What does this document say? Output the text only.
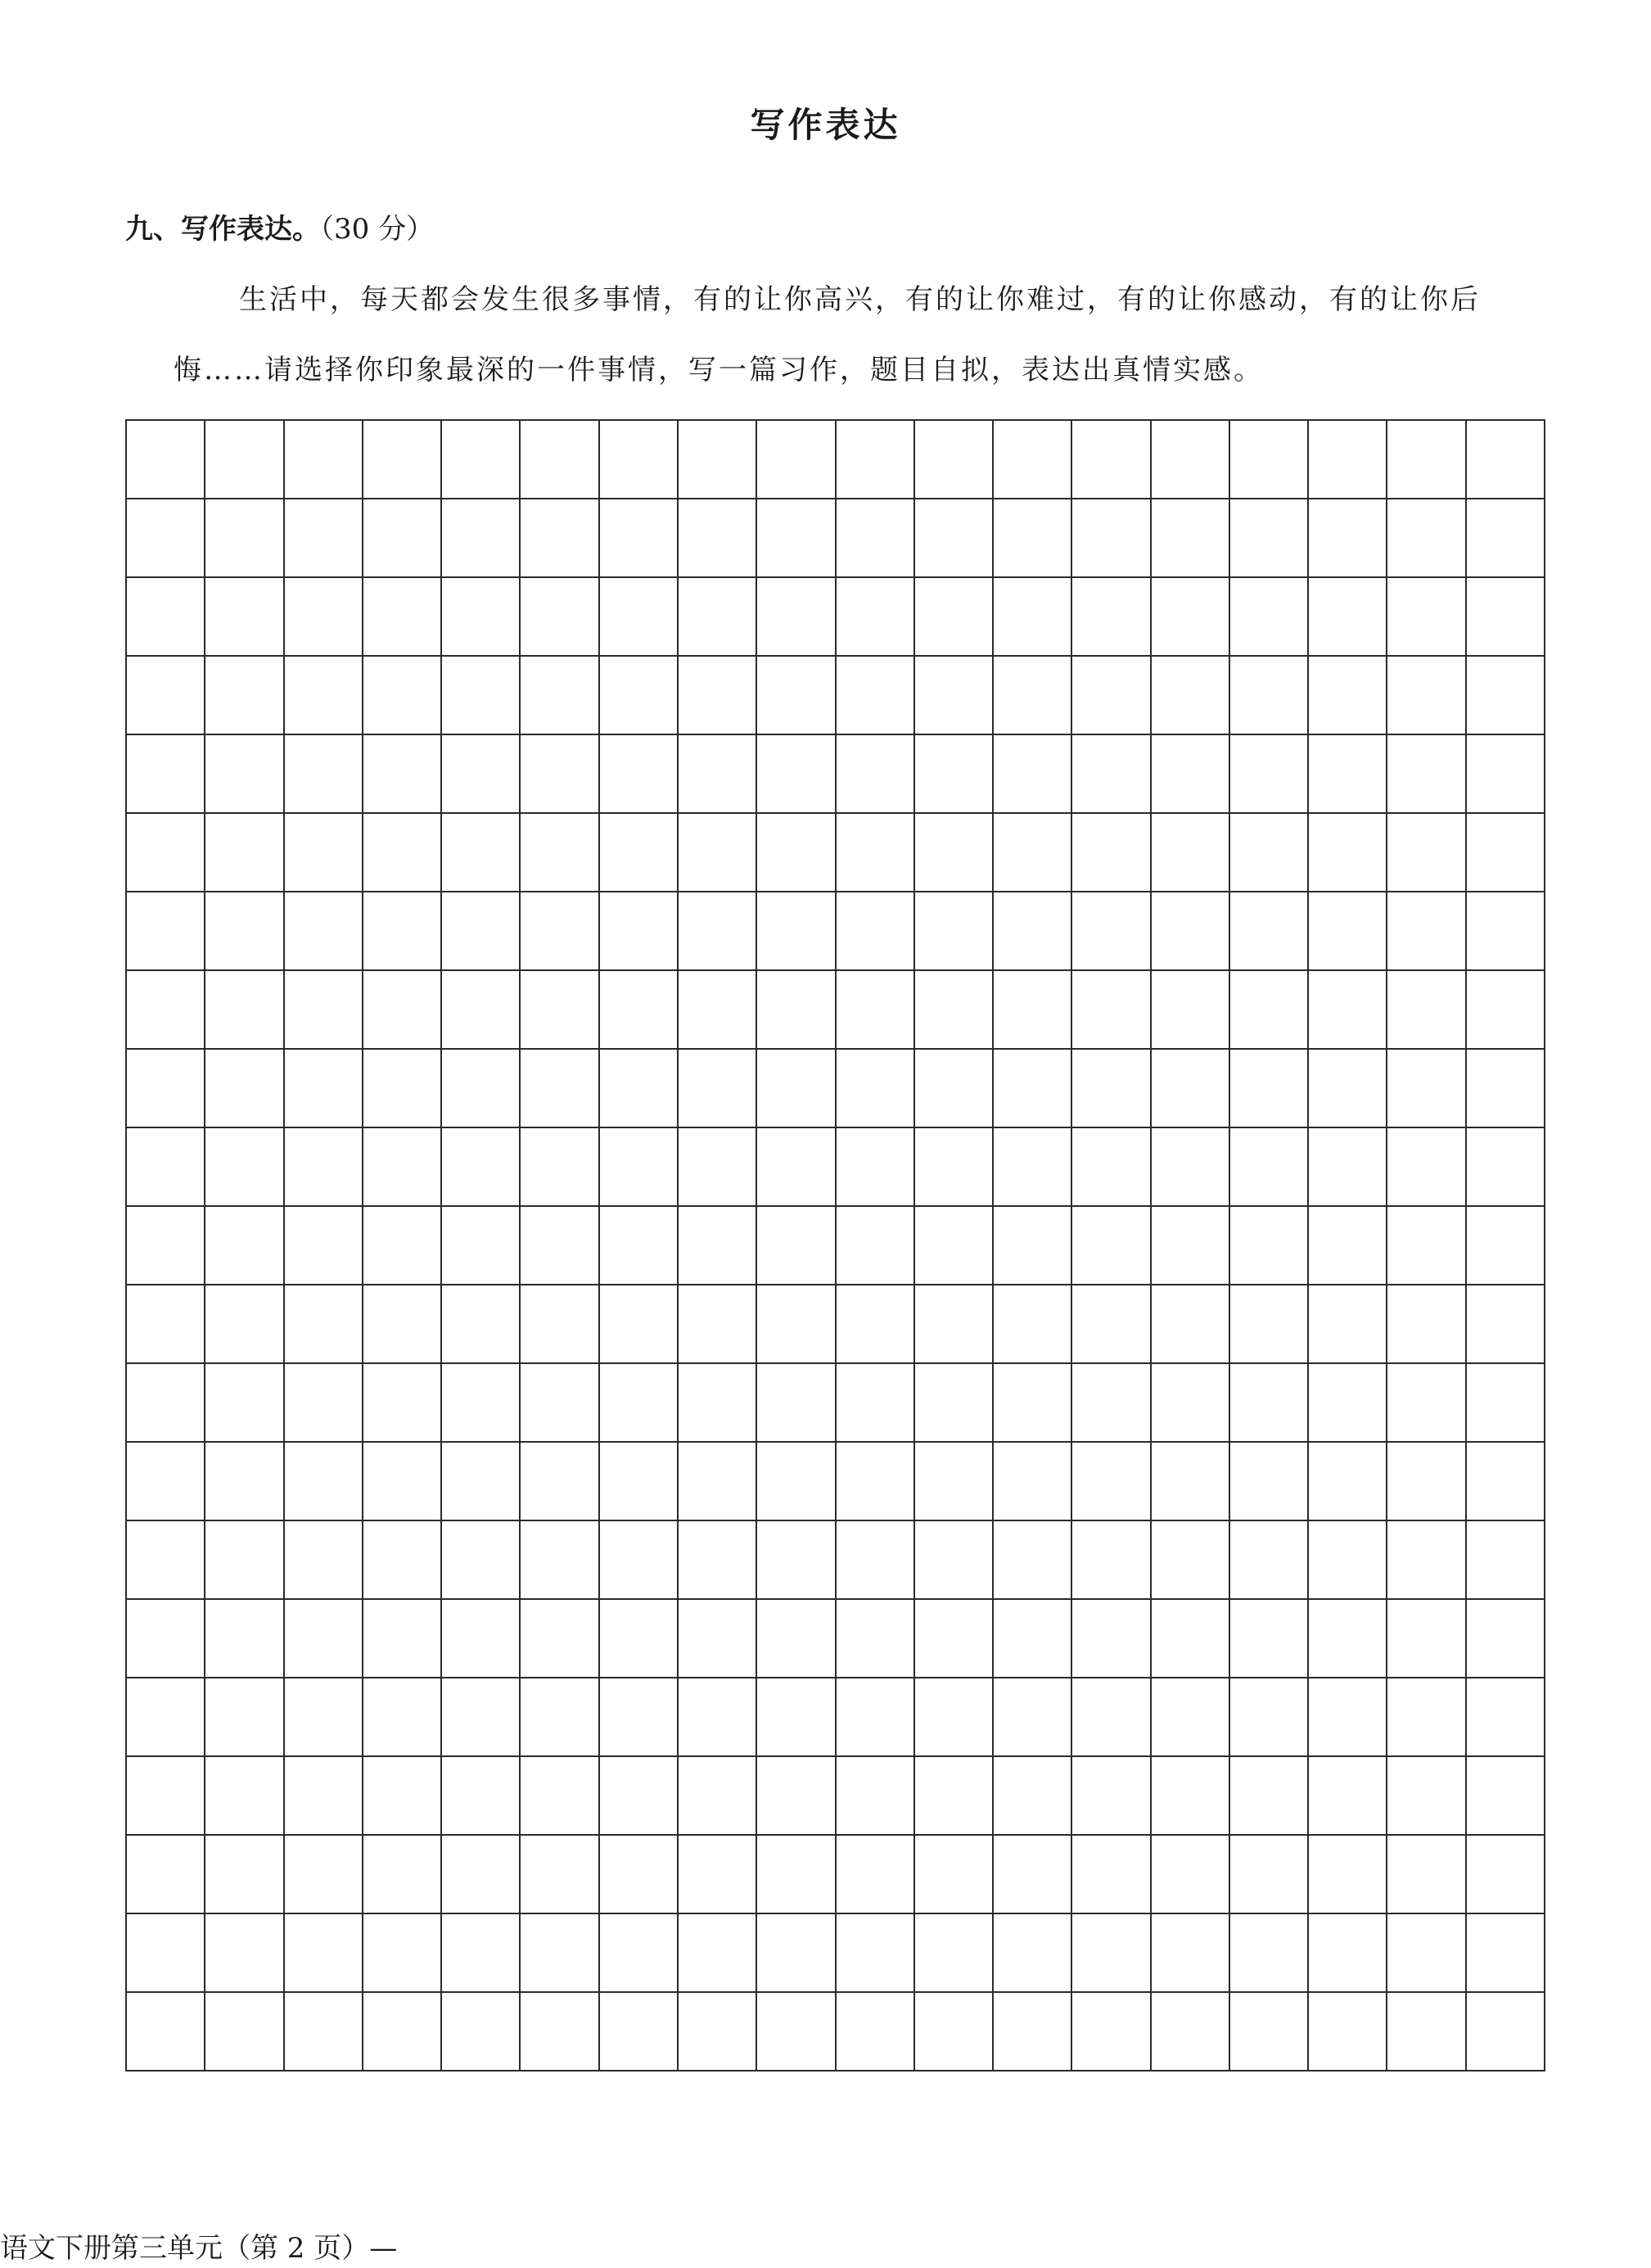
写作表达
九、写作表达。（30 分）
生活中，每天都会发生很多事情，有的让你高兴，有的让你难过，有的让你感动，有的让你后
悔……请选择你印象最深的一件事情，写一篇习作，题目自拟，表达出真情实感。
语文下册第三单元（第 2 页）—
